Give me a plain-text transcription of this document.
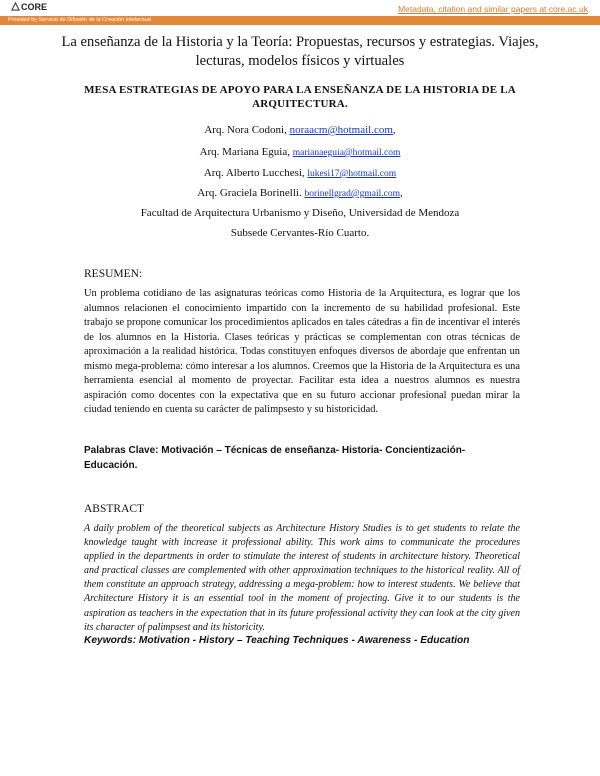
CORE	Metadata, citation and similar papers at core.ac.uk
Provided by Servicio de Difusión de la Creación Intelectual
La enseñanza de la Historia y la Teoría: Propuestas, recursos y estrategias. Viajes, lecturas, modelos físicos y virtuales
MESA ESTRATEGIAS DE APOYO PARA LA ENSEÑANZA DE LA HISTORIA DE LA ARQUITECTURA.
Arq. Nora Codoni, noraacm@hotmail.com,
Arq. Mariana Eguia, marianaeguia@hotmail.com
Arq. Alberto Lucchesi, lukesi17@hotmail.com
Arq. Graciela Borinelli. borinellgrad@gmail.com,
Facultad de Arquitectura Urbanismo y Diseño, Universidad de Mendoza
Subsede Cervantes-Río Cuarto.
RESUMEN:
Un problema cotidiano de las asignaturas teóricas como Historia de la Arquitectura, es lograr que los alumnos relacionen el conocimiento impartido con la incremento de su habilidad profesional. Este trabajo se propone comunicar los procedimientos aplicados en tales cátedras a fin de incentivar el interés de los alumnos en la Historia. Clases teóricas y prácticas se complementan con otras técnicas de aproximación a la realidad histórica. Todas constituyen enfoques diversos de abordaje que enfrentan un mismo mega-problema: cómo interesar a los alumnos. Creemos que la Historia de la Arquitectura es una herramienta esencial al momento de proyectar. Facilitar esta idea a nuestros alumnos es nuestra aspiración como docentes con la expectativa que en su futuro accionar profesional puedan mirar la ciudad teniendo en cuenta su carácter de palimpsesto y su historicidad.
Palabras Clave: Motivación – Técnicas de enseñanza- Historia- Concientización- Educación.
ABSTRACT
A daily problem of the theoretical subjects as Architecture History Studies is to get students to relate the knowledge taught with increase it professional ability. This work aims to communicate the procedures applied in the departments in order to stimulate the interest of students in architecture history. Theoretical and practical classes are complemented with other approximation techniques to the historical reality. All of them constitute an approach strategy, addressing a mega-problem: how to interest students. We believe that Architecture History it is an essential tool in the moment of projecting. Give it to our students is the aspiration as teachers in the expectation that in its future professional activity they can look at the city given its character of palimpsest and its historicity.
Keywords: Motivation - History – Teaching Techniques - Awareness - Education
